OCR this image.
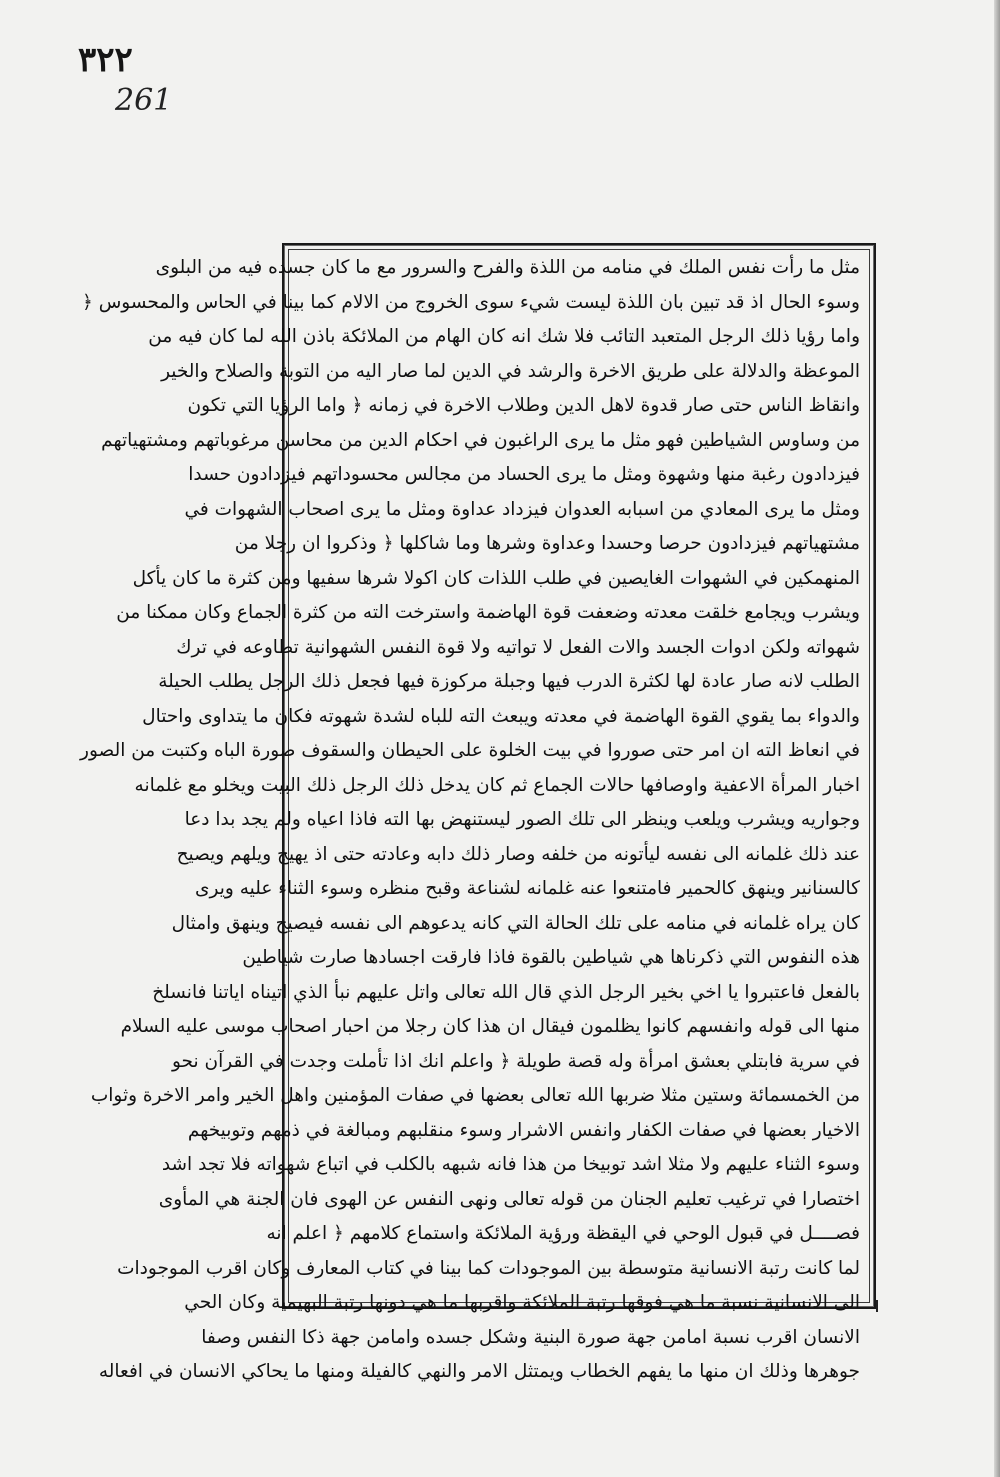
٣٢٢
261
مثل ما رأت نفس الملك في منامه من اللذة والفرح والسرور مع ما كان جسده فيه من البلوى
وسوء الحال اذ قد تبين بان اللذة ليست شيء سوى الخروج من الالام كما بينا في الحاس والمحسوس ﴿
واما رؤيا ذلك الرجل المتعبد التائب فلا شك انه كان الهام من الملائكة باذن الله لما كان فيه من
الموعظة والدلالة على طريق الاخرة والرشد في الدين لما صار اليه من التوبة والصلاح والخير
وانقاظ الناس حتى صار قدوة لاهل الدين وطلاب الاخرة في زمانه ﴿ واما الرؤيا التي تكون
من وساوس الشياطين فهو مثل ما يرى الراغبون في احكام الدين من محاسن مرغوباتهم ومشتهياتهم
فيزدادون رغبة منها وشهوة ومثل ما يرى الحساد من مجالس محسوداتهم فيزدادون حسدا
ومثل ما يرى المعادي من اسبابه العدوان فيزداد عداوة ومثل ما يرى اصحاب الشهوات في
مشتهياتهم فيزدادون حرصا وحسدا وعداوة وشرها وما شاكلها ﴿ وذكروا ان رجلا من
المنهمكين في الشهوات الغايصين في طلب اللذات كان اكولا شرها سفيها ومن كثرة ما كان يأكل
ويشرب ويجامع خلقت معدته وضعفت قوة الهاضمة واسترخت الته من كثرة الجماع وكان ممكنا من
شهواته ولكن ادوات الجسد والات الفعل لا تواتيه ولا قوة النفس الشهوانية تطاوعه في ترك
الطلب لانه صار عادة لها لكثرة الدرب فيها وجبلة مركوزة فيها فجعل ذلك الرجل يطلب الحيلة
والدواء بما يقوي القوة الهاضمة في معدته ويبعث الته للباه لشدة شهوته فكان ما يتداوى واحتال
في انعاظ الته ان امر حتى صوروا في بيت الخلوة على الحيطان والسقوف صورة الباه وكتبت من الصور
اخبار المرأة الاعفية واوصافها حالات الجماع ثم كان يدخل ذلك الرجل ذلك البيت ويخلو مع غلمانه
وجواريه ويشرب ويلعب وينظر الى تلك الصور ليستنهض بها الته فاذا اعياه ولم يجد بدا دعا
عند ذلك غلمانه الى نفسه ليأتونه من خلفه وصار ذلك دابه وعادته حتى اذ يهيج ويلهم ويصيح
كالسنانير وينهق كالحمير فامتنعوا عنه غلمانه لشناعة وقبح منظره وسوء الثناء عليه ويرى
كان يراه غلمانه في منامه على تلك الحالة التي كانه يدعوهم الى نفسه فيصيح وينهق وامثال
هذه النفوس التي ذكرناها هي شياطين بالقوة فاذا فارقت اجسادها صارت شياطين
بالفعل فاعتبروا يا اخي بخير الرجل الذي قال الله تعالى واتل عليهم نبأ الذي اتيناه اياتنا فانسلخ
منها الى قوله وانفسهم كانوا يظلمون فيقال ان هذا كان رجلا من احبار اصحاب موسى عليه السلام
في سرية فابتلي بعشق امرأة وله قصة طويلة ﴿ واعلم انك اذا تأملت وجدت في القرآن نحو
من الخمسمائة وستين مثلا ضربها الله تعالى بعضها في صفات المؤمنين واهل الخير وامر الاخرة وثواب
الاخيار بعضها في صفات الكفار وانفس الاشرار وسوء منقلبهم ومبالغة في ذمهم وتوبيخهم
وسوء الثناء عليهم ولا مثلا اشد توبيخا من هذا فانه شبهه بالكلب في اتباع شهواته فلا تجد اشد
اختصارا في ترغيب تعليم الجنان من قوله تعالى ونهى النفس عن الهوى فان الجنة هي المأوى
فصــــل في قبول الوحي في اليقظة ورؤية الملائكة واستماع كلامهم ﴿ اعلم انه
لما كانت رتبة الانسانية متوسطة بين الموجودات كما بينا في كتاب المعارف وكان اقرب الموجودات
الى الانسانية نسبة ما هي فوقها رتبة الملائكة واقربها ما هي دونها رتبة البهيمية وكان الحي
الانسان اقرب نسبة امامن جهة صورة البنية وشكل جسده وامامن جهة ذكا النفس وصفا
جوهرها وذلك ان منها ما يفهم الخطاب ويمتثل الامر والنهي كالفيلة ومنها ما يحاكي الانسان في افعاله
